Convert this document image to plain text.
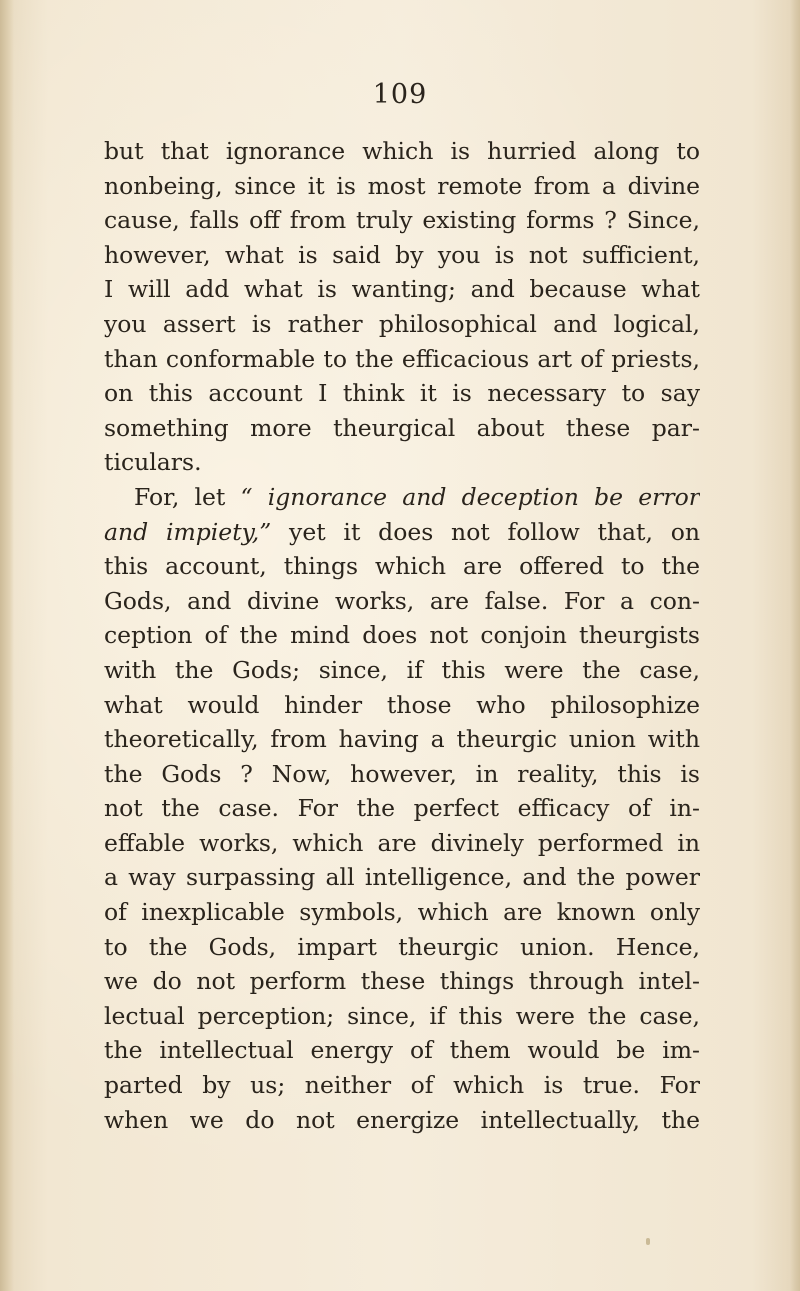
109
but that ignorance which is hurried along to
nonbeing, since it is most remote from a divine
cause, falls off from truly existing forms ? Since,
however, what is said by you is not sufficient,
I will add what is wanting; and because what
you assert is rather philosophical and logical,
than conformable to the efficacious art of priests,
on this account I think it is necessary to say
something more theurgical about these par-
ticulars.
For, let “ ignorance and deception be error
and impiety,” yet it does not follow that, on
this account, things which are offered to the
Gods, and divine works, are false. For a con-
ception of the mind does not conjoin theurgists
with the Gods; since, if this were the case,
what would hinder those who philosophize
theoretically, from having a theurgic union with
the Gods ? Now, however, in reality, this is
not the case. For the perfect efficacy of in-
effable works, which are divinely performed in
a way surpassing all intelligence, and the power
of inexplicable symbols, which are known only
to the Gods, impart theurgic union. Hence,
we do not perform these things through intel-
lectual perception; since, if this were the case,
the intellectual energy of them would be im-
parted by us; neither of which is true. For
when we do not energize intellectually, the
